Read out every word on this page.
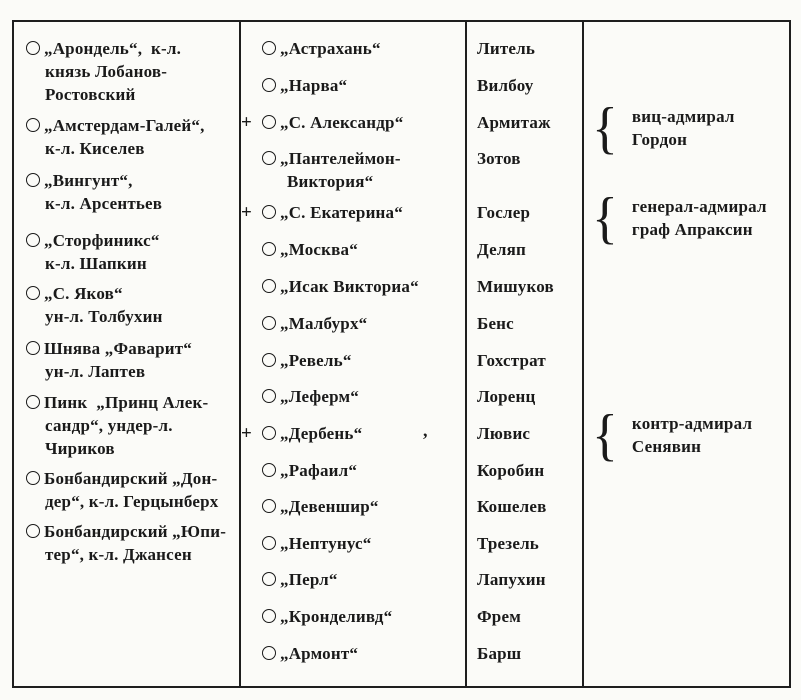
„Арондель“,  к-л.
князь Лобанов-
Ростовский
„Амстердам-Галей“,
к-л. Киселев
„Вингунт“,
к-л. Арсентьев
„Сторфиникс“
к-л. Шапкин
„С. Яков“
ун-л. Толбухин
Шнява „Фаварит“
ун-л. Лаптев
Пинк  „Принц Алек-
сандр“, ундер-л.
Чириков
Бонбандирский „Дон-
дер“, к-л. Герцынберх
Бонбандирский „Юпи-
тер“, к-л. Джансен
„Астрахань“
„Нарва“
+ „С. Александр“
„Пантелеймон-
Виктория“
+ „С. Екатерина“
„Москва“
„Исак Викториа“
„Малбурх“
„Ревель“
„Леферм“
+ „Дербень“
„Рафаил“
„Девеншир“
„Нептунус“
„Перл“
„Кронделивд“
„Армонт“
Литель
Вилбоу
Армитаж
Зотов
Гослер
Деляп
Мишуков
Бенс
Гохстрат
Лоренц
Лювис
Коробин
Кошелев
Трезель
Лапухин
Фрем
Барш
{ виц-адмирал
Гордон
{ генерал-адмирал
граф Апраксин
{ контр-адмирал
Сенявин
,
